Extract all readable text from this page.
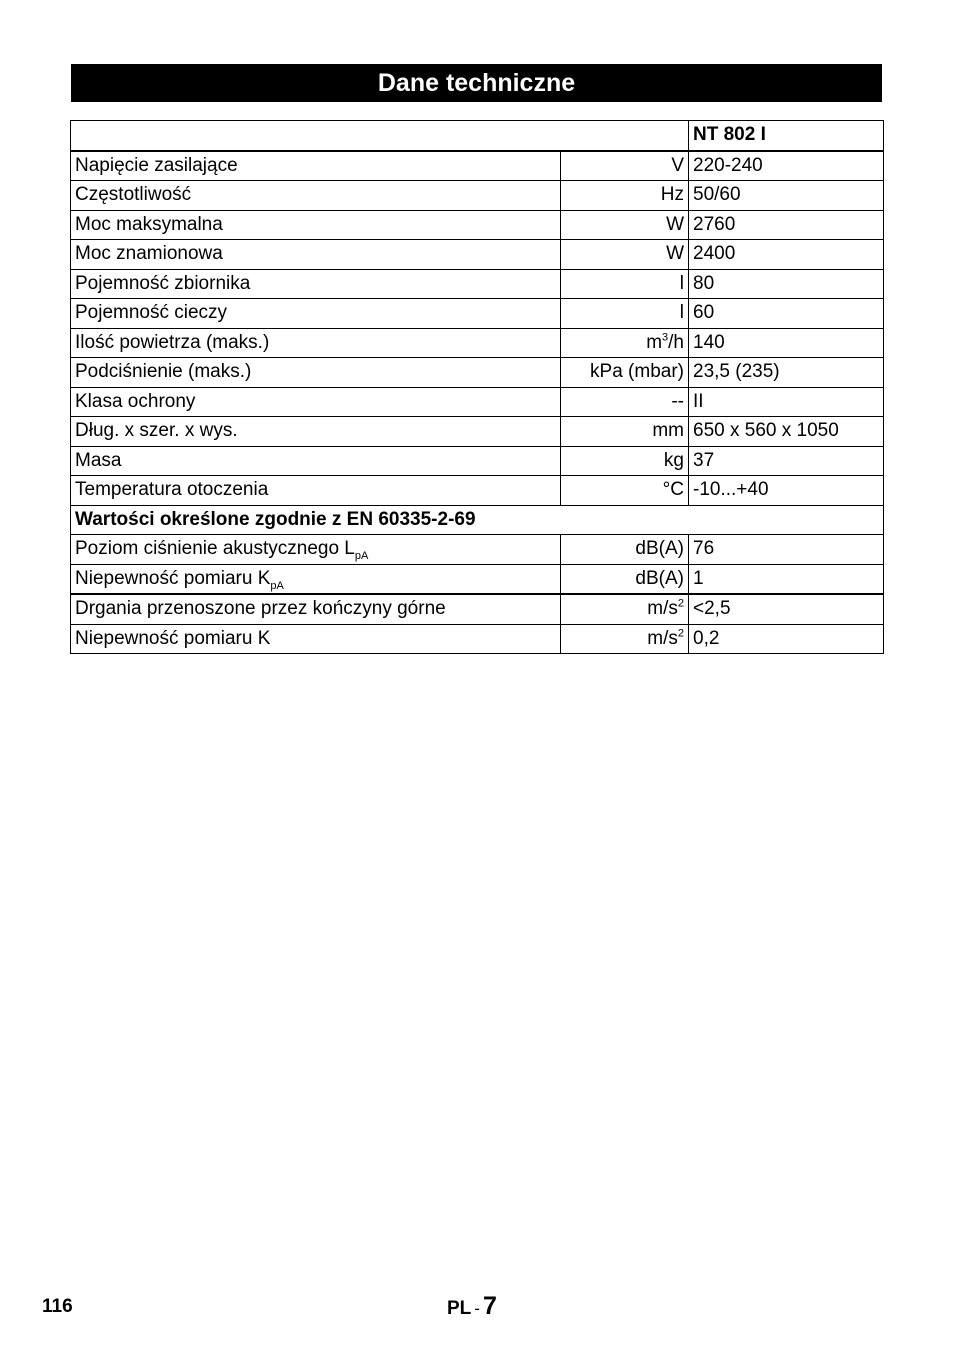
Dane techniczne
		NT 802 I
Napięcie zasilające	V	220-240
Częstotliwość	Hz	50/60
Moc maksymalna	W	2760
Moc znamionowa	W	2400
Pojemność zbiornika	l	80
Pojemność cieczy	l	60
Ilość powietrza (maks.)	$m^3/h$	140
Podciśnienie (maks.)	kPa (mbar)	23,5 (235)
Klasa ochrony	--	II
Dług. x szer. x wys.	mm	650 x 560 x 1050
Masa	kg	37
Temperatura otoczenia	°C	-10...+40
Wartości określone zgodnie z EN 60335-2-69		
Poziom ciśnienie akustycznego $L_{pA}$	dB(A)	76
Niepewność pomiaru $K_{pA}$	dB(A)	1
Drgania przenoszone przez kończyny górne	$m/s^2$	<2,5
Niepewność pomiaru K	$m/s^2$	0,2
116	PL - 7
